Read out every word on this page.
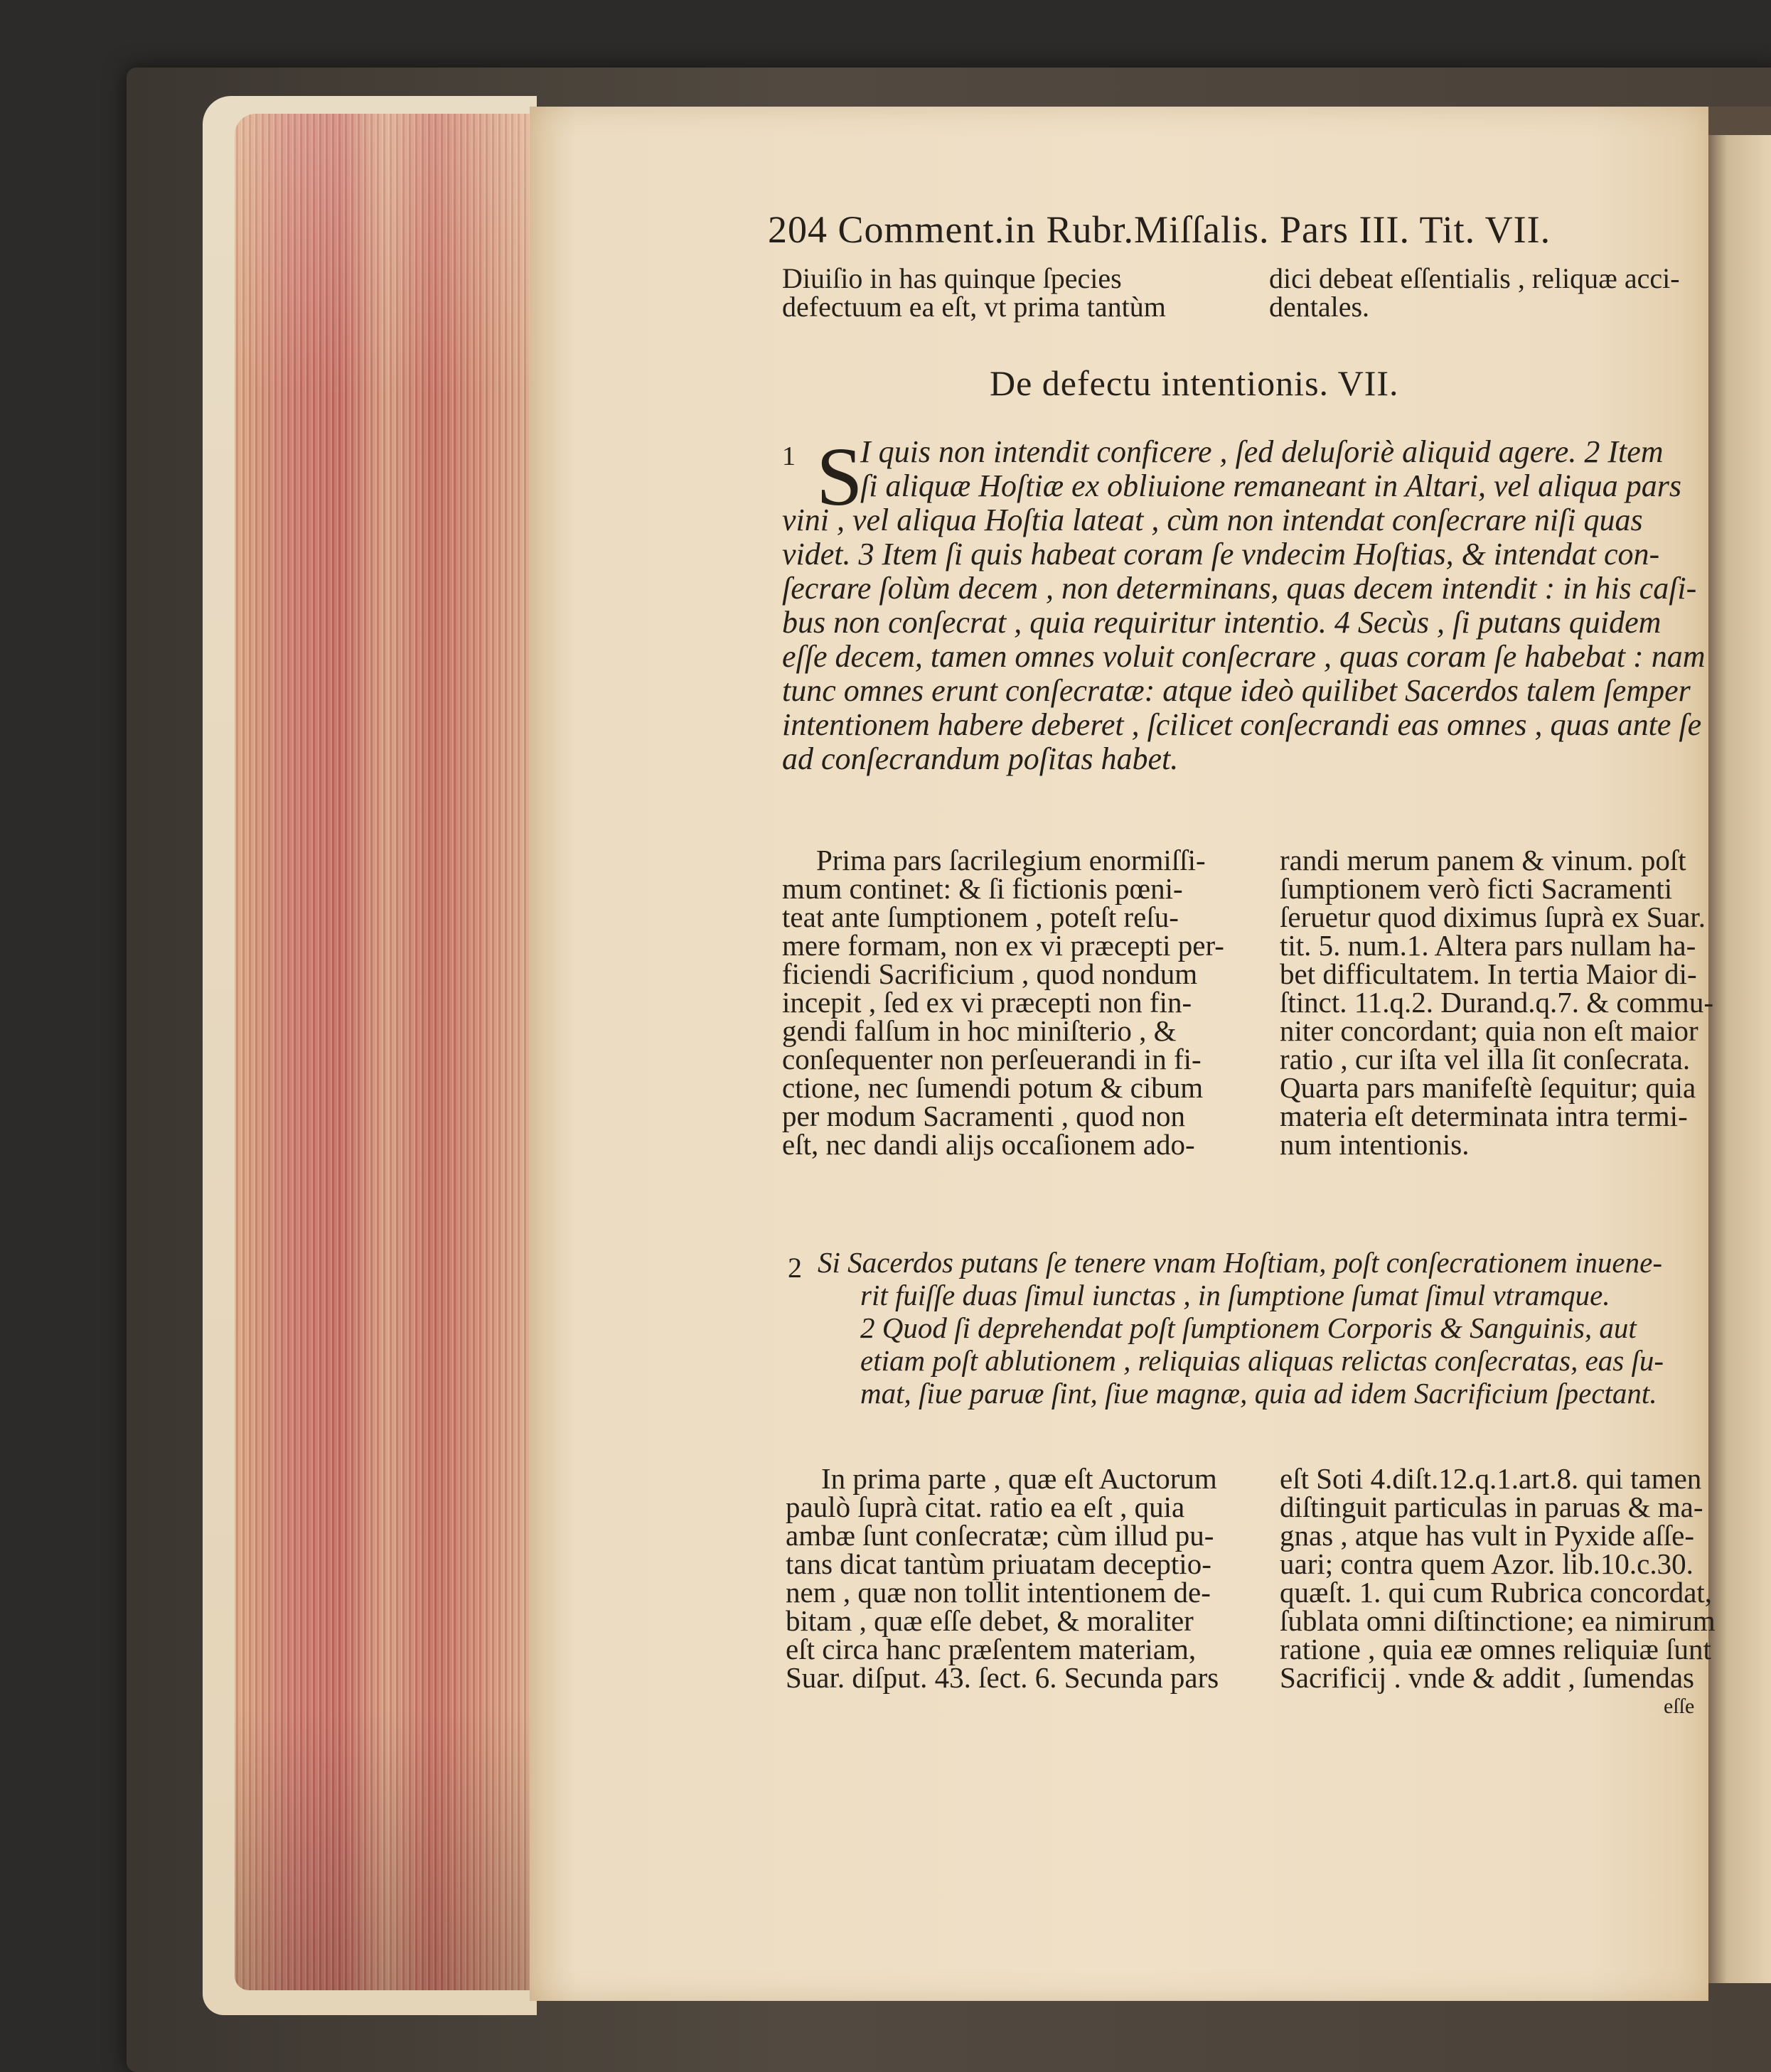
204 Comment.in Rubr.Miſſalis. Pars III. Tit. VII.
Diuiſio in has quinque ſpecies
defectuum ea eſt, vt prima tantùm
dici debeat eſſentialis , reliquæ acci-
dentales.
De defectu intentionis. VII.
1 S
I quis non intendit conficere , ſed deluſoriè aliquid agere. 2 Item
ſi aliquæ Hoſtiæ ex obliuione remaneant in Altari, vel aliqua pars
vini , vel aliqua Hoſtia lateat , cùm non intendat conſecrare niſi quas
videt. 3 Item ſi quis habeat coram ſe vndecim Hoſtias, & intendat con-
ſecrare ſolùm decem , non determinans, quas decem intendit : in his caſi-
bus non conſecrat , quia requiritur intentio. 4 Secùs , ſi putans quidem
eſſe decem, tamen omnes voluit conſecrare , quas coram ſe habebat : nam
tunc omnes erunt conſecratæ: atque ideò quilibet Sacerdos talem ſemper
intentionem habere deberet , ſcilicet conſecrandi eas omnes , quas ante ſe
ad conſecrandum poſitas habet.
Prima pars ſacrilegium enormiſſi-
mum continet: & ſi fictionis pœni-
teat ante ſumptionem , poteſt reſu-
mere formam, non ex vi præcepti per-
ficiendi Sacrificium , quod nondum
incepit , ſed ex vi præcepti non fin-
gendi falſum in hoc miniſterio , &
conſequenter non perſeuerandi in fi-
ctione, nec ſumendi potum & cibum
per modum Sacramenti , quod non
eſt, nec dandi alijs occaſionem ado-
randi merum panem & vinum. poſt
ſumptionem verò ficti Sacramenti
ſeruetur quod diximus ſuprà ex Suar.
tit. 5. num.1. Altera pars nullam ha-
bet difficultatem. In tertia Maior di-
ſtinct. 11.q.2. Durand.q.7. & commu-
niter concordant; quia non eſt maior
ratio , cur iſta vel illa ſit conſecrata.
Quarta pars manifeſtè ſequitur; quia
materia eſt determinata intra termi-
num intentionis.
2 Si Sacerdos putans ſe tenere vnam Hoſtiam, poſt conſecrationem inuene-
rit fuiſſe duas ſimul iunctas , in ſumptione ſumat ſimul vtramque.
2 Quod ſi deprehendat poſt ſumptionem Corporis & Sanguinis, aut
etiam poſt ablutionem , reliquias aliquas relictas conſecratas, eas ſu-
mat, ſiue paruæ ſint, ſiue magnæ, quia ad idem Sacrificium ſpectant.
In prima parte , quæ eſt Auctorum
paulò ſuprà citat. ratio ea eſt , quia
ambæ ſunt conſecratæ; cùm illud pu-
tans dicat tantùm priuatam deceptio-
nem , quæ non tollit intentionem de-
bitam , quæ eſſe debet, & moraliter
eſt circa hanc præſentem materiam,
Suar. diſput. 43. ſect. 6. Secunda pars
eſt Soti 4.diſt.12.q.1.art.8. qui tamen
diſtinguit particulas in paruas & ma-
gnas , atque has vult in Pyxide aſſe-
uari; contra quem Azor. lib.10.c.30.
quæſt. 1. qui cum Rubrica concordat,
ſublata omni diſtinctione; ea nimirum
ratione , quia eæ omnes reliquiæ ſunt
Sacrificij . vnde & addit , ſumendas
eſſe
